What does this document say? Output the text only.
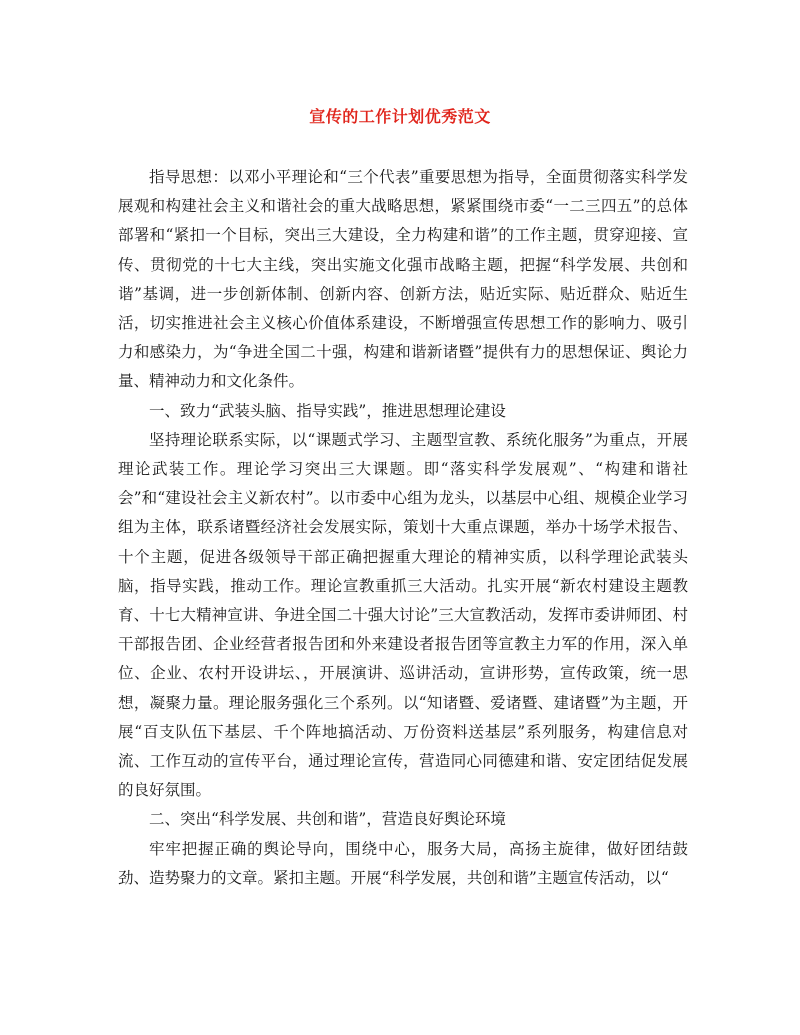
宣传的工作计划优秀范文

指导思想：以邓小平理论和“三个代表”重要思想为指导，全面贯彻落实科学发展观和构建社会主义和谐社会的重大战略思想，紧紧围绕市委“一二三四五”的总体部署和“紧扣一个目标，突出三大建设，全力构建和谐”的工作主题，贯穿迎接、宣传、贯彻党的十七大主线，突出实施文化强市战略主题，把握“科学发展、共创和谐”基调，进一步创新体制、创新内容、创新方法，贴近实际、贴近群众、贴近生活，切实推进社会主义核心价值体系建设，不断增强宣传思想工作的影响力、吸引力和感染力，为“争进全国二十强，构建和谐新诸暨”提供有力的思想保证、舆论力量、精神动力和文化条件。

一、致力“武装头脑、指导实践”，推进思想理论建设

坚持理论联系实际，以“课题式学习、主题型宣教、系统化服务”为重点，开展理论武装工作。理论学习突出三大课题。即“落实科学发展观”、“构建和谐社会”和“建设社会主义新农村”。以市委中心组为龙头，以基层中心组、规模企业学习组为主体，联系诸暨经济社会发展实际，策划十大重点课题，举办十场学术报告、十个主题，促进各级领导干部正确把握重大理论的精神实质，以科学理论武装头脑，指导实践，推动工作。理论宣教重抓三大活动。扎实开展“新农村建设主题教育、十七大精神宣讲、争进全国二十强大讨论”三大宣教活动，发挥市委讲师团、村干部报告团、企业经营者报告团和外来建设者报告团等宣教主力军的作用，深入单位、企业、农村开设讲坛、，开展演讲、巡讲活动，宣讲形势，宣传政策，统一思想，凝聚力量。理论服务强化三个系列。以“知诸暨、爱诸暨、建诸暨”为主题，开展“百支队伍下基层、千个阵地搞活动、万份资料送基层”系列服务，构建信息对流、工作互动的宣传平台，通过理论宣传，营造同心同德建和谐、安定团结促发展的良好氛围。

二、突出“科学发展、共创和谐”，营造良好舆论环境

牢牢把握正确的舆论导向，围绕中心，服务大局，高扬主旋律，做好团结鼓劲、造势聚力的文章。紧扣主题。开展“科学发展，共创和谐”主题宣传活动，以“
